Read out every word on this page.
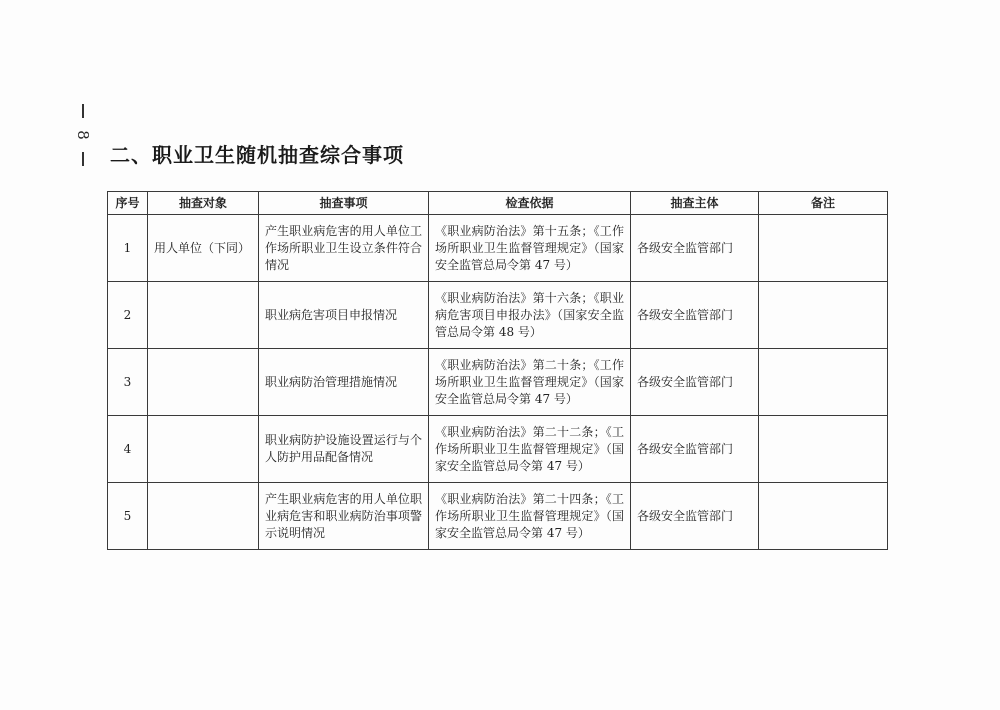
8
二、职业卫生随机抽查综合事项
序号	抽查对象	抽查事项	检查依据	抽查主体	备注
1	用人单位（下同）	产生职业病危害的用人单位工作场所职业卫生设立条件符合情况	《职业病防治法》第十五条；《工作场所职业卫生监督管理规定》（国家安全监管总局令第 47 号）	各级安全监管部门	
2		职业病危害项目申报情况	《职业病防治法》第十六条；《职业病危害项目申报办法》（国家安全监管总局令第 48 号）	各级安全监管部门	
3		职业病防治管理措施情况	《职业病防治法》第二十条；《工作场所职业卫生监督管理规定》（国家安全监管总局令第 47 号）	各级安全监管部门	
4		职业病防护设施设置运行与个人防护用品配备情况	《职业病防治法》第二十二条；《工作场所职业卫生监督管理规定》（国家安全监管总局令第 47 号）	各级安全监管部门	
5		产生职业病危害的用人单位职业病危害和职业病防治事项警示说明情况	《职业病防治法》第二十四条；《工作场所职业卫生监督管理规定》（国家安全监管总局令第 47 号）	各级安全监管部门	
